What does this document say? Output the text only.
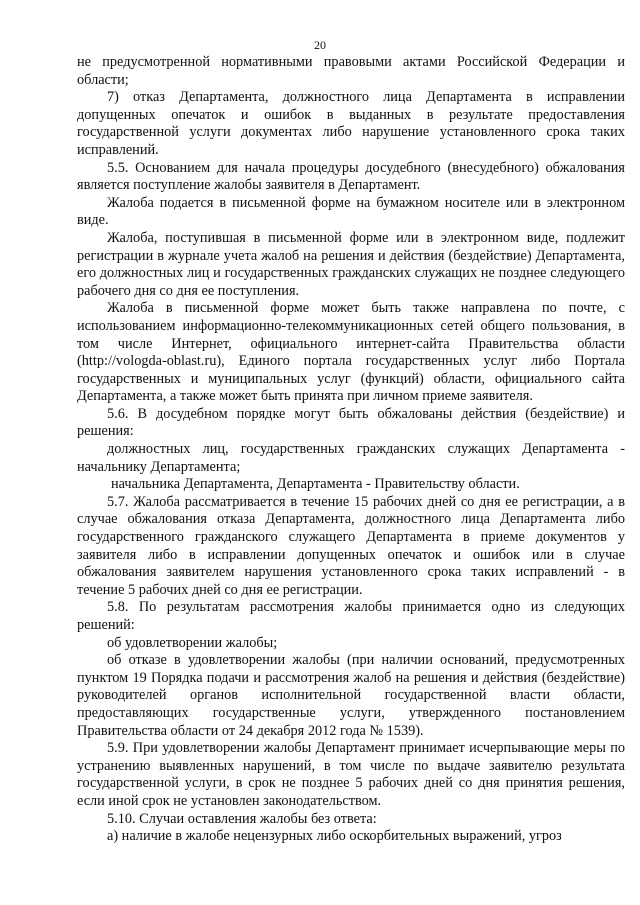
20

не предусмотренной нормативными правовыми актами Российской Федерации и области;

7) отказ Департамента, должностного лица Департамента в исправлении допущенных опечаток и ошибок в выданных в результате предоставления государственной услуги документах либо нарушение установленного срока таких исправлений.

5.5. Основанием для начала процедуры досудебного (внесудебного) обжалования является поступление жалобы заявителя в Департамент.

Жалоба подается в письменной форме на бумажном носителе или в электронном виде.

Жалоба, поступившая в письменной форме или в электронном виде, подлежит регистрации в журнале учета жалоб на решения и действия (бездействие) Департамента, его должностных лиц и государственных гражданских служащих не позднее следующего рабочего дня со дня ее поступления.

Жалоба в письменной форме может быть также направлена по почте, с использованием информационно-телекоммуникационных сетей общего пользования, в том числе Интернет, официального интернет-сайта Правительства области (http://vologda-oblast.ru), Единого портала государственных услуг либо Портала государственных и муниципальных услуг (функций) области, официального сайта Департамента, а также может быть принята при личном приеме заявителя.

5.6. В досудебном порядке могут быть обжалованы действия (бездействие) и решения:

должностных лиц, государственных гражданских служащих Департамента - начальнику Департамента;

начальника Департамента, Департамента - Правительству области.

5.7. Жалоба рассматривается в течение 15 рабочих дней со дня ее регистрации, а в случае обжалования отказа Департамента, должностного лица Департамента либо государственного гражданского служащего Департамента в приеме документов у заявителя либо в исправлении допущенных опечаток и ошибок или в случае обжалования заявителем нарушения установленного срока таких исправлений - в течение 5 рабочих дней со дня ее регистрации.

5.8. По результатам рассмотрения жалобы принимается одно из следующих решений:

об удовлетворении жалобы;

об отказе в удовлетворении жалобы (при наличии оснований, предусмотренных пунктом 19 Порядка подачи и рассмотрения жалоб на решения и действия (бездействие) руководителей органов исполнительной государственной власти области, предоставляющих государственные услуги, утвержденного постановлением Правительства области от 24 декабря 2012 года № 1539).

5.9. При удовлетворении жалобы Департамент принимает исчерпывающие меры по устранению выявленных нарушений, в том числе по выдаче заявителю результата государственной услуги, в срок не позднее 5 рабочих дней со дня принятия решения, если иной срок не установлен законодательством.

5.10. Случаи оставления жалобы без ответа:

а) наличие в жалобе нецензурных либо оскорбительных выражений, угроз
